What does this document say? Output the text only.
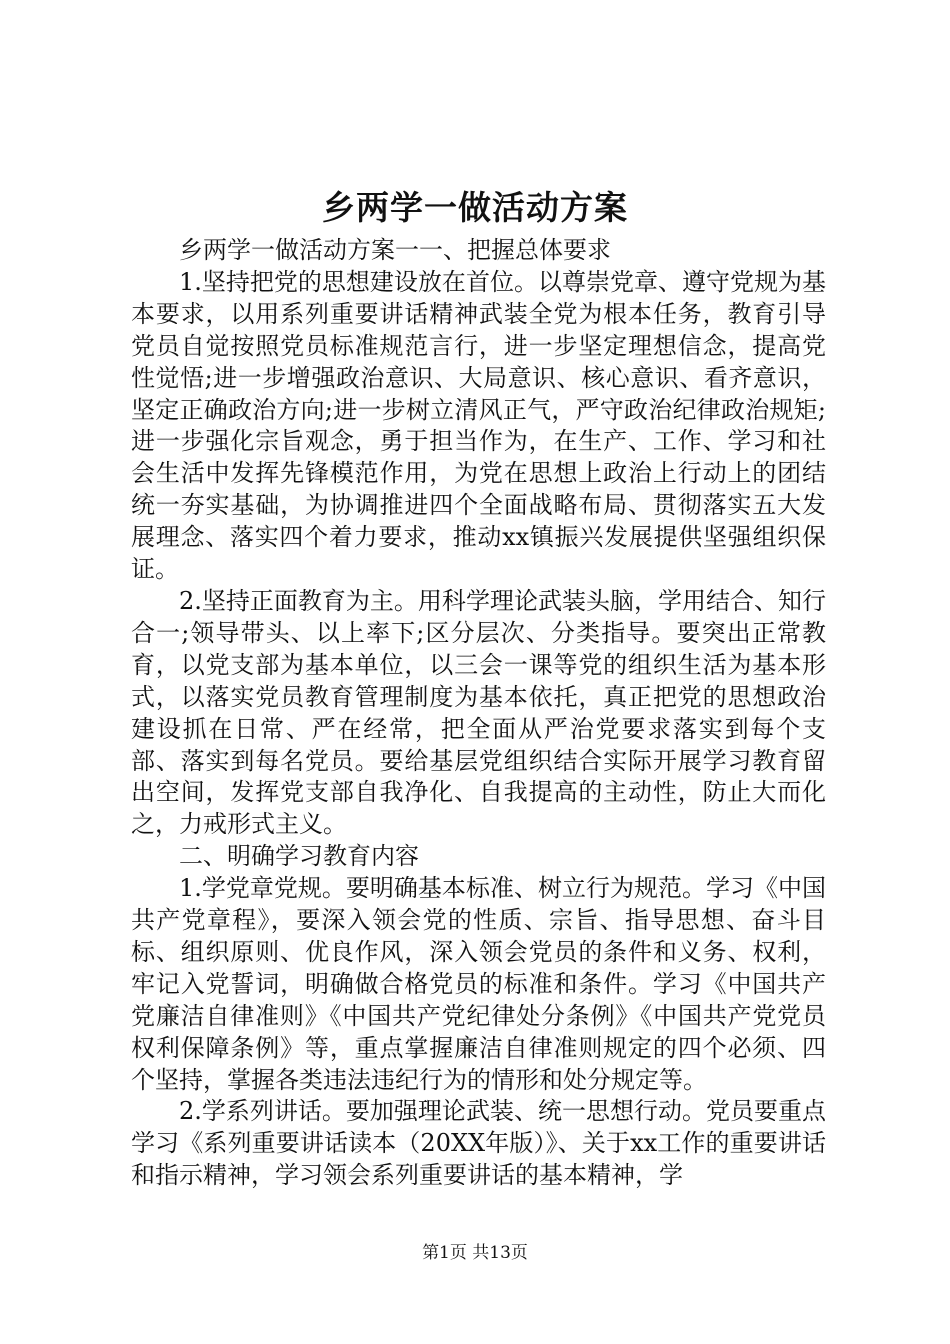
乡两学一做活动方案

乡两学一做活动方案一一、把握总体要求

1.坚持把党的思想建设放在首位。以尊崇党章、遵守党规为基本要求，以用系列重要讲话精神武装全党为根本任务，教育引导党员自觉按照党员标准规范言行，进一步坚定理想信念，提高党性觉悟;进一步增强政治意识、大局意识、核心意识、看齐意识，坚定正确政治方向;进一步树立清风正气，严守政治纪律政治规矩;进一步强化宗旨观念，勇于担当作为，在生产、工作、学习和社会生活中发挥先锋模范作用，为党在思想上政治上行动上的团结统一夯实基础，为协调推进四个全面战略布局、贯彻落实五大发展理念、落实四个着力要求，推动xx镇振兴发展提供坚强组织保证。

2.坚持正面教育为主。用科学理论武装头脑，学用结合、知行合一;领导带头、以上率下;区分层次、分类指导。要突出正常教育，以党支部为基本单位，以三会一课等党的组织生活为基本形式，以落实党员教育管理制度为基本依托，真正把党的思想政治建设抓在日常、严在经常，把全面从严治党要求落实到每个支部、落实到每名党员。要给基层党组织结合实际开展学习教育留出空间，发挥党支部自我净化、自我提高的主动性，防止大而化之，力戒形式主义。

二、明确学习教育内容

1.学党章党规。要明确基本标准、树立行为规范。学习《中国共产党章程》，要深入领会党的性质、宗旨、指导思想、奋斗目标、组织原则、优良作风，深入领会党员的条件和义务、权利，牢记入党誓词，明确做合格党员的标准和条件。学习《中国共产党廉洁自律准则》《中国共产党纪律处分条例》《中国共产党党员权利保障条例》等，重点掌握廉洁自律准则规定的四个必须、四个坚持，掌握各类违法违纪行为的情形和处分规定等。

2.学系列讲话。要加强理论武装、统一思想行动。党员要重点学习《系列重要讲话读本（20XX年版）》、关于xx工作的重要讲话和指示精神，学习领会系列重要讲话的基本精神，学

第1页 共13页
